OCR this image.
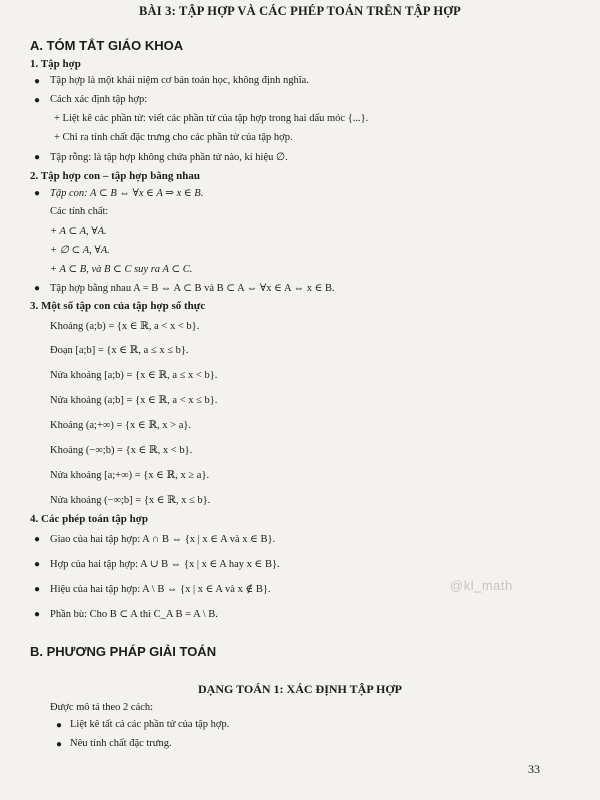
BÀI 3: TẬP HỢP VÀ CÁC PHÉP TOÁN TRÊN TẬP HỢP
A. TÓM TẮT GIÁO KHOA
1. Tập hợp
● Tập hợp là một khái niệm cơ bản toán học, không định nghĩa.
● Cách xác định tập hợp:
+ Liệt kê các phần tử: viết các phần tử của tập hợp trong hai dấu móc {...}.
+ Chỉ ra tính chất đặc trưng cho các phần tử của tập hợp.
● Tập rỗng: là tập hợp không chứa phần tử nào, kí hiệu ∅.
2. Tập hợp con – tập hợp bằng nhau
● Tập con: A ⊂ B ⇔ ∀x ∈ A ⇒ x ∈ B.
Các tính chất:
+ A ⊂ A, ∀A.
+ ∅ ⊂ A, ∀A.
+ A ⊂ B, và B ⊂ C suy ra A ⊂ C.
● Tập hợp bằng nhau A = B ⇔ A ⊂ B và B ⊂ A ⇔ ∀x ∈ A ⇔ x ∈ B.
3. Một số tập con của tập hợp số thực
Khoảng (a;b) = {x ∈ ℝ, a < x < b}.
Đoạn [a;b] = {x ∈ ℝ, a ≤ x ≤ b}.
Nửa khoảng [a;b) = {x ∈ ℝ, a ≤ x < b}.
Nửa khoảng (a;b] = {x ∈ ℝ, a < x ≤ b}.
Khoảng (a;+∞) = {x ∈ ℝ, x > a}.
Khoảng (−∞;b) = {x ∈ ℝ, x < b}.
Nửa khoảng [a;+∞) = {x ∈ ℝ, x ≥ a}.
Nửa khoảng (−∞;b] = {x ∈ ℝ, x ≤ b}.
4. Các phép toán tập hợp
● Giao của hai tập hợp: A ∩ B ⇔ {x | x ∈ A và x ∈ B}.
● Hợp của hai tập hợp: A ∪ B ⇔ {x | x ∈ A hay x ∈ B}.
● Hiệu của hai tập hợp: A \ B ⇔ {x | x ∈ A và x ∉ B}.
● Phần bù: Cho B ⊂ A thì C_A B = A \ B.
@kl_math
B. PHƯƠNG PHÁP GIẢI TOÁN
DẠNG TOÁN 1: XÁC ĐỊNH TẬP HỢP
Được mô tả theo 2 cách:
● Liệt kê tất cả các phần tử của tập hợp.
● Nêu tính chất đặc trưng.
33
